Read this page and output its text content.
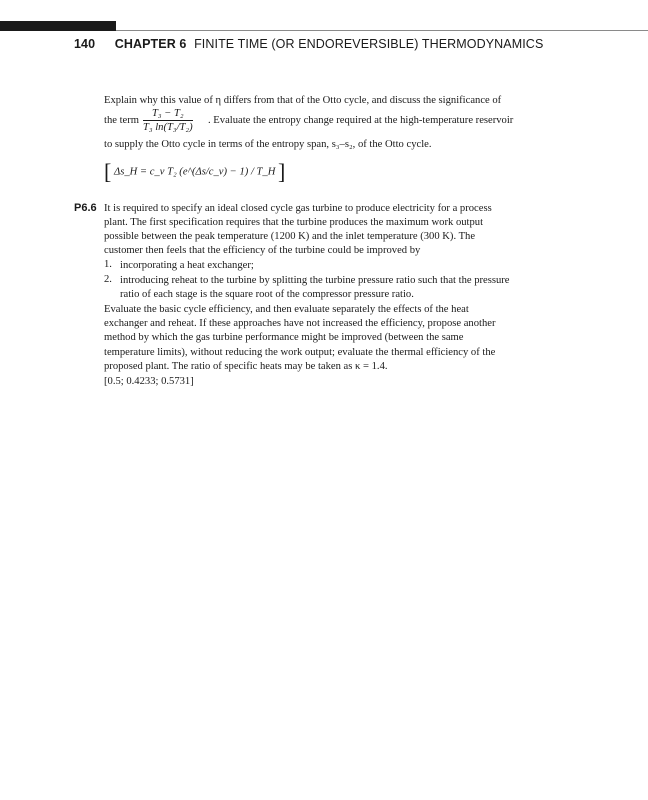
140 CHAPTER 6 FINITE TIME (OR ENDOREVERSIBLE) THERMODYNAMICS
Explain why this value of η differs from that of the Otto cycle, and discuss the significance of
the term $\frac{\text{T₃ − T₂}}{\text{T₃ ln(T₃/T₂)}}$ . Evaluate the entropy change required at the high-temperature reservoir
to supply the Otto cycle in terms of the entropy span, s₃–s₂, of the Otto cycle.
[ Δs_H = c_v T₂ (e^(Δs/c_v) − 1) / T_H ]
P6.6 It is required to specify an ideal closed cycle gas turbine to produce electricity for a process
plant. The first specification requires that the turbine produces the maximum work output
possible between the peak temperature (1200 K) and the inlet temperature (300 K). The
customer then feels that the efficiency of the turbine could be improved by
1. incorporating a heat exchanger;
2. introducing reheat to the turbine by splitting the turbine pressure ratio such that the pressure
ratio of each stage is the square root of the compressor pressure ratio.
Evaluate the basic cycle efficiency, and then evaluate separately the effects of the heat
exchanger and reheat. If these approaches have not increased the efficiency, propose another
method by which the gas turbine performance might be improved (between the same
temperature limits), without reducing the work output; evaluate the thermal efficiency of the
proposed plant. The ratio of specific heats may be taken as κ = 1.4.
[0.5; 0.4233; 0.5731]
